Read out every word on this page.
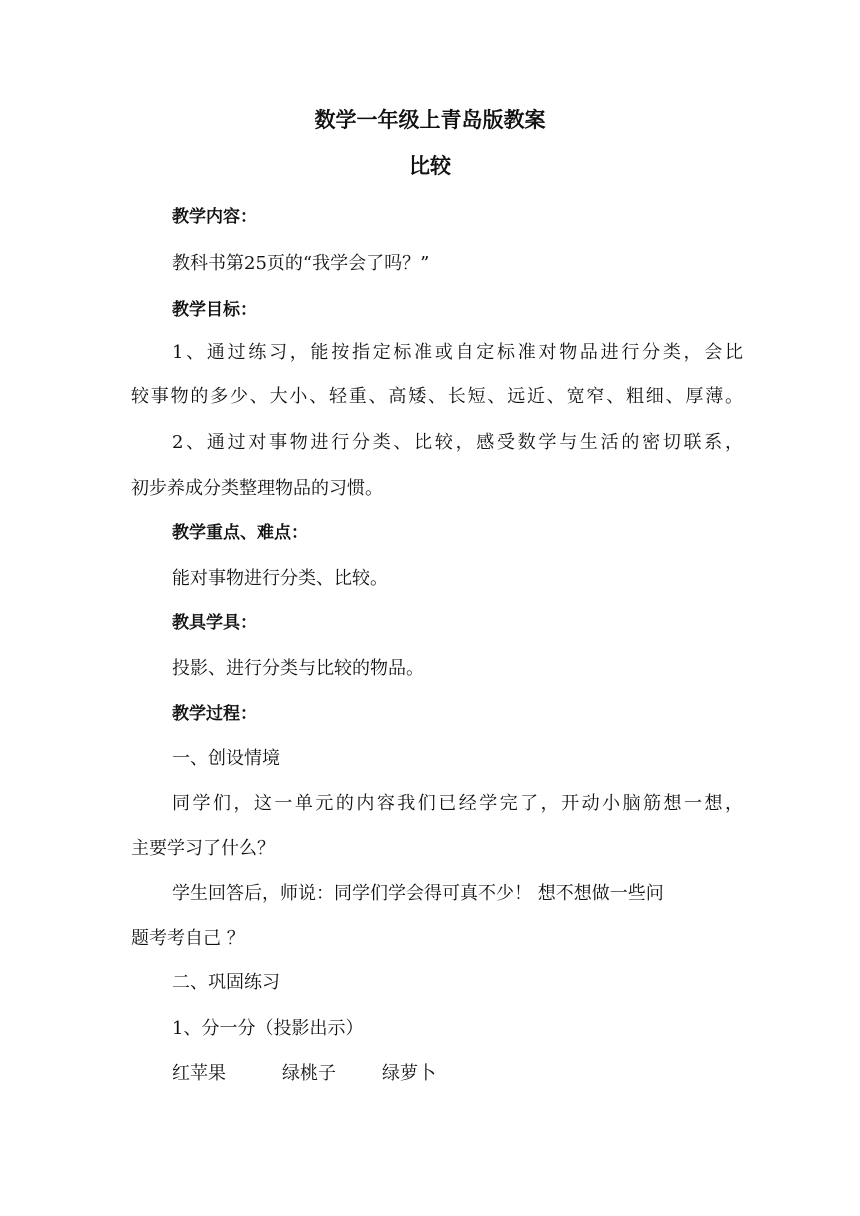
数学一年级上青岛版教案
比较
教学内容：
教科书第25页的“我学会了吗？”
教学目标：
1、通过练习，能按指定标准或自定标准对物品进行分类，会比
较事物的多少、大小、轻重、高矮、长短、远近、宽窄、粗细、厚薄。
2、通过对事物进行分类、比较，感受数学与生活的密切联系，
初步养成分类整理物品的习惯。
教学重点、难点：
能对事物进行分类、比较。
教具学具：
投影、进行分类与比较的物品。
教学过程：
一、创设情境
同学们，这一单元的内容我们已经学完了，开动小脑筋想一想，
主要学习了什么？
学生回答后，师说：同学们学会得可真不少！ 想不想做一些问
题考考自己 ？
二、巩固练习
1、分一分（投影出示）
红苹果	绿桃子	绿萝卜
